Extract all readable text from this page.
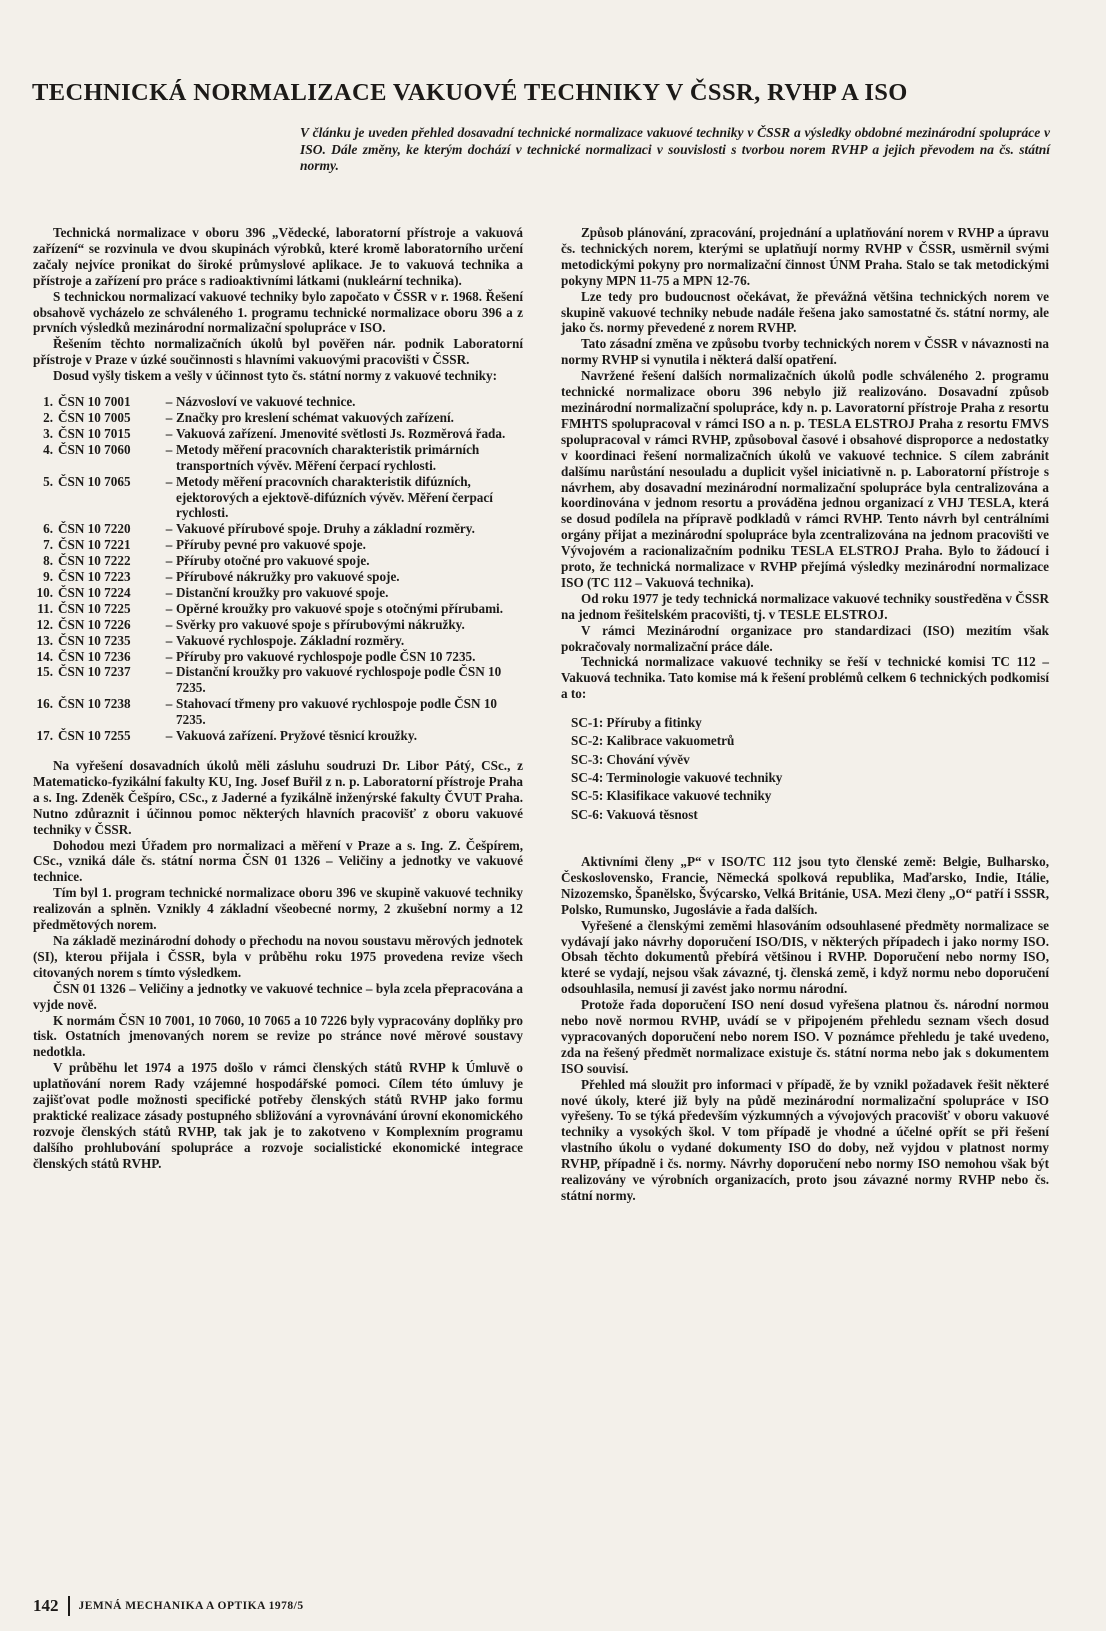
TECHNICKÁ NORMALIZACE VAKUOVÉ TECHNIKY V ČSSR, RVHP A ISO
V článku je uveden přehled dosavadní technické normalizace vakuové techniky v ČSSR a výsledky obdobné mezinárodní spolupráce v ISO. Dále změny, ke kterým dochází v technické normalizaci v souvislosti s tvorbou norem RVHP a jejich převodem na čs. státní normy.

Technická normalizace v oboru 396 „Vědecké, laboratorní přístroje a vakuová zařízení“ se rozvinula ve dvou skupinách výrobků, které kromě laboratorního určení začaly nejvíce pronikat do široké průmyslové aplikace. Je to vakuová technika a přístroje a zařízení pro práce s radioaktivními látkami (nukleární technika).

S technickou normalizací vakuové techniky bylo započato v ČSSR v r. 1968. Řešení obsahově vycházelo ze schváleného 1. programu technické normalizace oboru 396 a z prvních výsledků mezinárodní normalizační spolupráce v ISO.

Řešením těchto normalizačních úkolů byl pověřen nár. podnik Laboratorní přístroje v Praze v úzké součinnosti s hlavními vakuovými pracovišti v ČSSR.

Dosud vyšly tiskem a vešly v účinnost tyto čs. státní normy z vakuové techniky:

1. ČSN 10 7001	– Názvosloví ve vakuové technice.
2. ČSN 10 7005	– Značky pro kreslení schémat vakuových zařízení.
3. ČSN 10 7015	– Vakuová zařízení. Jmenovité světlosti Js. Rozměrová řada.
4. ČSN 10 7060	– Metody měření pracovních charakteristik primárních transportních vývěv. Měření čerpací rychlosti.
5. ČSN 10 7065	– Metody měření pracovních charakteristik difúzních, ejektorových a ejektově-difúzních vývěv. Měření čerpací rychlosti.
6. ČSN 10 7220	– Vakuové přírubové spoje. Druhy a základní rozměry.
7. ČSN 10 7221	– Příruby pevné pro vakuové spoje.
8. ČSN 10 7222	– Příruby otočné pro vakuové spoje.
9. ČSN 10 7223	– Přírubové nákružky pro vakuové spoje.
10. ČSN 10 7224	– Distanční kroužky pro vakuové spoje.
11. ČSN 10 7225	– Opěrné kroužky pro vakuové spoje s otočnými přírubami.
12. ČSN 10 7226	– Svěrky pro vakuové spoje s přírubovými nákružky.
13. ČSN 10 7235	– Vakuové rychlospoje. Základní rozměry.
14. ČSN 10 7236	– Příruby pro vakuové rychlospoje podle ČSN 10 7235.
15. ČSN 10 7237	– Distanční kroužky pro vakuové rychlospoje podle ČSN 10 7235.
16. ČSN 10 7238	– Stahovací třmeny pro vakuové rychlospoje podle ČSN 10 7235.
17. ČSN 10 7255	– Vakuová zařízení. Pryžové těsnicí kroužky.

Na vyřešení dosavadních úkolů měli zásluhu soudruzi Dr. Libor Pátý, CSc., z Matematicko-fyzikální fakulty KU, Ing. Josef Buřil z n. p. Laboratorní přístroje Praha a s. Ing. Zdeněk Češpíro, CSc., z Jaderné a fyzikálně inženýrské fakulty ČVUT Praha. Nutno zdůraznit i účinnou pomoc některých hlavních pracovišť z oboru vakuové techniky v ČSSR.

Dohodou mezi Úřadem pro normalizaci a měření v Praze a s. Ing. Z. Češpírem, CSc., vzniká dále čs. státní norma ČSN 01 1326 – Veličiny a jednotky ve vakuové technice.

Tím byl 1. program technické normalizace oboru 396 ve skupině vakuové techniky realizován a splněn. Vznikly 4 základní všeobecné normy, 2 zkušební normy a 12 předmětových norem.

Na základě mezinárodní dohody o přechodu na novou soustavu měrových jednotek (SI), kterou přijala i ČSSR, byla v průběhu roku 1975 provedena revize všech citovaných norem s tímto výsledkem.

ČSN 01 1326 – Veličiny a jednotky ve vakuové technice – byla zcela přepracována a vyjde nově.

K normám ČSN 10 7001, 10 7060, 10 7065 a 10 7226 byly vypracovány doplňky pro tisk. Ostatních jmenovaných norem se revize po stránce nové měrové soustavy nedotkla.

V průběhu let 1974 a 1975 došlo v rámci členských států RVHP k Úmluvě o uplatňování norem Rady vzájemné hospodářské pomoci. Cílem této úmluvy je zajišťovat podle možnosti specifické potřeby členských států RVHP jako formu praktické realizace zásady postupného sbližování a vyrovnávání úrovní ekonomického rozvoje členských států RVHP, tak jak je to zakotveno v Komplexním programu dalšího prohlubování spolupráce a rozvoje socialistické ekonomické integrace členských států RVHP.

Způsob plánování, zpracování, projednání a uplatňování norem v RVHP a úpravu čs. technických norem, kterými se uplatňují normy RVHP v ČSSR, usměrnil svými metodickými pokyny pro normalizační činnost ÚNM Praha. Stalo se tak metodickými pokyny MPN 11-75 a MPN 12-76.

Lze tedy pro budoucnost očekávat, že převážná většina technických norem ve skupině vakuové techniky nebude nadále řešena jako samostatné čs. státní normy, ale jako čs. normy převedené z norem RVHP.

Tato zásadní změna ve způsobu tvorby technických norem v ČSSR v návaznosti na normy RVHP si vynutila i některá další opatření.

Navržené řešení dalších normalizačních úkolů podle schváleného 2. programu technické normalizace oboru 396 nebylo již realizováno. Dosavadní způsob mezinárodní normalizační spolupráce, kdy n. p. Lavoratorní přístroje Praha z resortu FMHTS spolupracoval v rámci ISO a n. p. TESLA ELSTROJ Praha z resortu FMVS spolupracoval v rámci RVHP, způsoboval časové i obsahové disproporce a nedostatky v koordinaci řešení normalizačních úkolů ve vakuové technice. S cílem zabránit dalšímu narůstání nesouladu a duplicit vyšel iniciativně n. p. Laboratorní přístroje s návrhem, aby dosavadní mezinárodní normalizační spolupráce byla centralizována a koordinována v jednom resortu a prováděna jednou organizací z VHJ TESLA, která se dosud podílela na přípravě podkladů v rámci RVHP. Tento návrh byl centrálními orgány přijat a mezinárodní spolupráce byla zcentralizována na jednom pracovišti ve Vývojovém a racionalizačním podniku TESLA ELSTROJ Praha. Bylo to žádoucí i proto, že technická normalizace v RVHP přejímá výsledky mezinárodní normalizace ISO (TC 112 – Vakuová technika).

Od roku 1977 je tedy technická normalizace vakuové techniky soustředěna v ČSSR na jednom řešitelském pracovišti, tj. v TESLE ELSTROJ.

V rámci Mezinárodní organizace pro standardizaci (ISO) mezitím však pokračovaly normalizační práce dále.

Technická normalizace vakuové techniky se řeší v technické komisi TC 112 – Vakuová technika. Tato komise má k řešení problémů celkem 6 technických podkomisí a to:

SC-1: Příruby a fitinky
SC-2: Kalibrace vakuometrů
SC-3: Chování vývěv
SC-4: Terminologie vakuové techniky
SC-5: Klasifikace vakuové techniky
SC-6: Vakuová těsnost

Aktivními členy „P“ v ISO/TC 112 jsou tyto členské země: Belgie, Bulharsko, Československo, Francie, Německá spolková republika, Maďarsko, Indie, Itálie, Nizozemsko, Španělsko, Švýcarsko, Velká Británie, USA. Mezi členy „O“ patří i SSSR, Polsko, Rumunsko, Jugoslávie a řada dalších.

Vyřešené a členskými zeměmi hlasováním odsouhlasené předměty normalizace se vydávají jako návrhy doporučení ISO/DIS, v některých případech i jako normy ISO. Obsah těchto dokumentů přebírá většinou i RVHP. Doporučení nebo normy ISO, které se vydají, nejsou však závazné, tj. členská země, i když normu nebo doporučení odsouhlasila, nemusí ji zavést jako normu národní.

Protože řada doporučení ISO není dosud vyřešena platnou čs. národní normou nebo nově normou RVHP, uvádí se v připojeném přehledu seznam všech dosud vypracovaných doporučení nebo norem ISO. V poznámce přehledu je také uvedeno, zda na řešený předmět normalizace existuje čs. státní norma nebo jak s dokumentem ISO souvisí.

Přehled má sloužit pro informaci v případě, že by vznikl požadavek řešit některé nové úkoly, které již byly na půdě mezinárodní normalizační spolupráce v ISO vyřešeny. To se týká především výzkumných a vývojových pracovišť v oboru vakuové techniky a vysokých škol. V tom případě je vhodné a účelné opřít se při řešení vlastního úkolu o vydané dokumenty ISO do doby, než vyjdou v platnost normy RVHP, případně i čs. normy. Návrhy doporučení nebo normy ISO nemohou však být realizovány ve výrobních organizacích, proto jsou závazné normy RVHP nebo čs. státní normy.

142 JEMNÁ MECHANIKA A OPTIKA 1978/5
